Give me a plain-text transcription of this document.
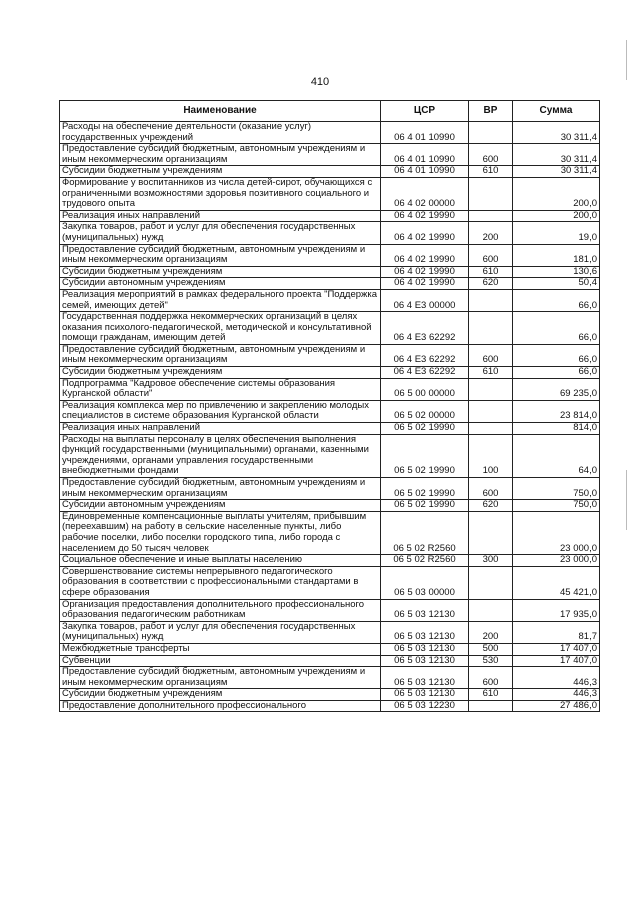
410
Наименование	ЦСР	ВР	Сумма
Расходы на обеспечение деятельности (оказание услуг) государственных учреждений	06 4 01 10990		30 311,4
Предоставление субсидий бюджетным, автономным учреждениям и иным некоммерческим организациям	06 4 01 10990	600	30 311,4
Субсидии бюджетным учреждениям	06 4 01 10990	610	30 311,4
Формирование у воспитанников из числа детей-сирот, обучающихся с ограниченными возможностями здоровья позитивного социального и трудового опыта	06 4 02 00000		200,0
Реализация иных направлений	06 4 02 19990		200,0
Закупка товаров, работ и услуг для обеспечения государственных (муниципальных) нужд	06 4 02 19990	200	19,0
Предоставление субсидий бюджетным, автономным учреждениям и иным некоммерческим организациям	06 4 02 19990	600	181,0
Субсидии бюджетным учреждениям	06 4 02 19990	610	130,6
Субсидии автономным учреждениям	06 4 02 19990	620	50,4
Реализация мероприятий в рамках федерального проекта "Поддержка семей, имеющих детей"	06 4 E3 00000		66,0
Государственная поддержка некоммерческих организаций в целях оказания психолого-педагогической, методической и консультативной помощи гражданам, имеющим детей	06 4 E3 62292		66,0
Предоставление субсидий бюджетным, автономным учреждениям и иным некоммерческим организациям	06 4 E3 62292	600	66,0
Субсидии бюджетным учреждениям	06 4 E3 62292	610	66,0
Подпрограмма "Кадровое обеспечение системы образования Курганской области"	06 5 00 00000		69 235,0
Реализация комплекса мер по привлечению и закреплению молодых специалистов в системе образования Курганской области	06 5 02 00000		23 814,0
Реализация иных направлений	06 5 02 19990		814,0
Расходы на выплаты персоналу в целях обеспечения выполнения функций государственными (муниципальными) органами, казенными учреждениями, органами управления государственными внебюджетными фондами	06 5 02 19990	100	64,0
Предоставление субсидий бюджетным, автономным учреждениям и иным некоммерческим организациям	06 5 02 19990	600	750,0
Субсидии автономным учреждениям	06 5 02 19990	620	750,0
Единовременные компенсационные выплаты учителям, прибывшим (переехавшим) на работу в сельские населенные пункты, либо рабочие поселки, либо поселки городского типа, либо города с населением до 50 тысяч человек	06 5 02 R2560		23 000,0
Социальное обеспечение и иные выплаты населению	06 5 02 R2560	300	23 000,0
Совершенствование системы непрерывного педагогического образования в соответствии с профессиональными стандартами в сфере образования	06 5 03 00000		45 421,0
Организация предоставления дополнительного профессионального образования педагогическим работникам	06 5 03 12130		17 935,0
Закупка товаров, работ и услуг для обеспечения государственных (муниципальных) нужд	06 5 03 12130	200	81,7
Межбюджетные трансферты	06 5 03 12130	500	17 407,0
Субвенции	06 5 03 12130	530	17 407,0
Предоставление субсидий бюджетным, автономным учреждениям и иным некоммерческим организациям	06 5 03 12130	600	446,3
Субсидии бюджетным учреждениям	06 5 03 12130	610	446,3
Предоставление дополнительного профессионального	06 5 03 12230		27 486,0
